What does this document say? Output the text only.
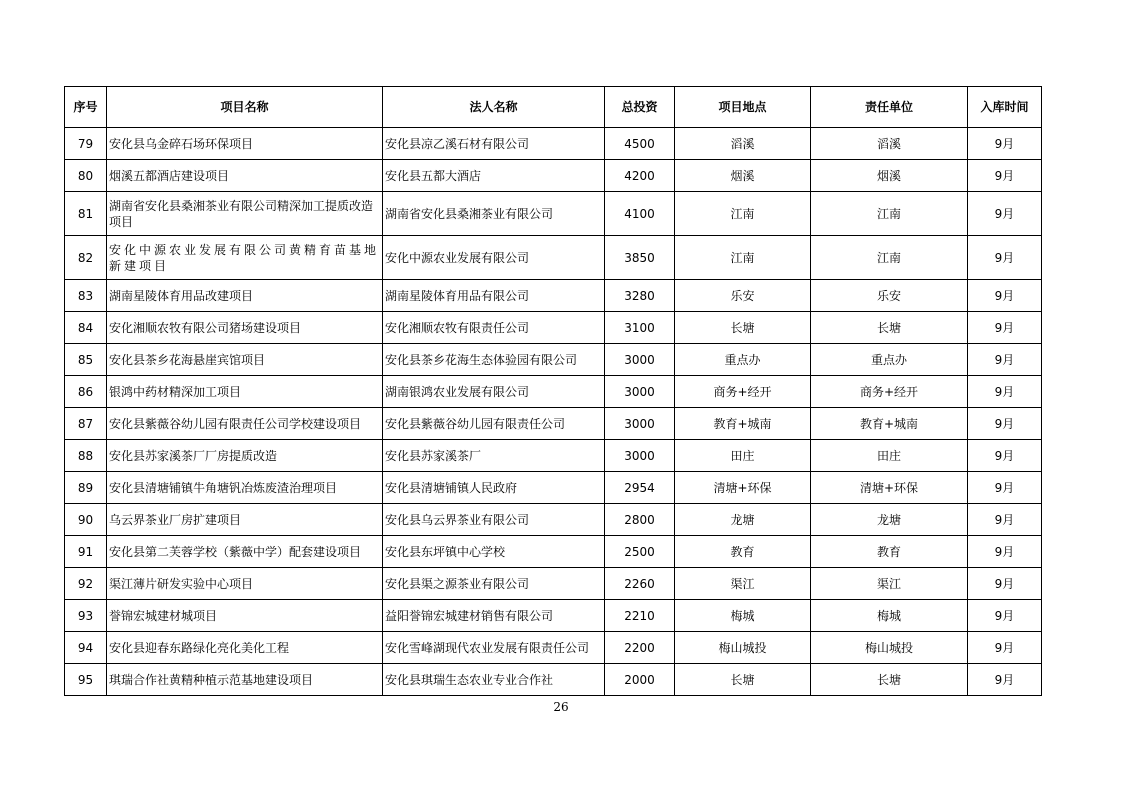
序号	项目名称	法人名称	总投资	项目地点	责任单位	入库时间
79	安化县乌金碎石场环保项目	安化县凉乙溪石材有限公司	4500	滔溪	滔溪	9月
80	烟溪五都酒店建设项目	安化县五都大酒店	4200	烟溪	烟溪	9月
81	湖南省安化县桑湘茶业有限公司精深加工提质改造项目	湖南省安化县桑湘茶业有限公司	4100	江南	江南	9月
82	安化中源农业发展有限公司黄精育苗基地新建项目	安化中源农业发展有限公司	3850	江南	江南	9月
83	湖南星陵体育用品改建项目	湖南星陵体育用品有限公司	3280	乐安	乐安	9月
84	安化湘顺农牧有限公司猪场建设项目	安化湘顺农牧有限责任公司	3100	长塘	长塘	9月
85	安化县茶乡花海悬崖宾馆项目	安化县茶乡花海生态体验园有限公司	3000	重点办	重点办	9月
86	银鸿中药材精深加工项目	湖南银鸿农业发展有限公司	3000	商务+经开	商务+经开	9月
87	安化县紫薇谷幼儿园有限责任公司学校建设项目	安化县紫薇谷幼儿园有限责任公司	3000	教育+城南	教育+城南	9月
88	安化县苏家溪茶厂厂房提质改造	安化县苏家溪茶厂	3000	田庄	田庄	9月
89	安化县清塘铺镇牛角塘钒冶炼废渣治理项目	安化县清塘铺镇人民政府	2954	清塘+环保	清塘+环保	9月
90	乌云界茶业厂房扩建项目	安化县乌云界茶业有限公司	2800	龙塘	龙塘	9月
91	安化县第二芙蓉学校（紫薇中学）配套建设项目	安化县东坪镇中心学校	2500	教育	教育	9月
92	渠江薄片研发实验中心项目	安化县渠之源茶业有限公司	2260	渠江	渠江	9月
93	誉锦宏城建材城项目	益阳誉锦宏城建材销售有限公司	2210	梅城	梅城	9月
94	安化县迎春东路绿化亮化美化工程	安化雪峰湖现代农业发展有限责任公司	2200	梅山城投	梅山城投	9月
95	琪瑞合作社黄精种植示范基地建设项目	安化县琪瑞生态农业专业合作社	2000	长塘	长塘	9月
26
